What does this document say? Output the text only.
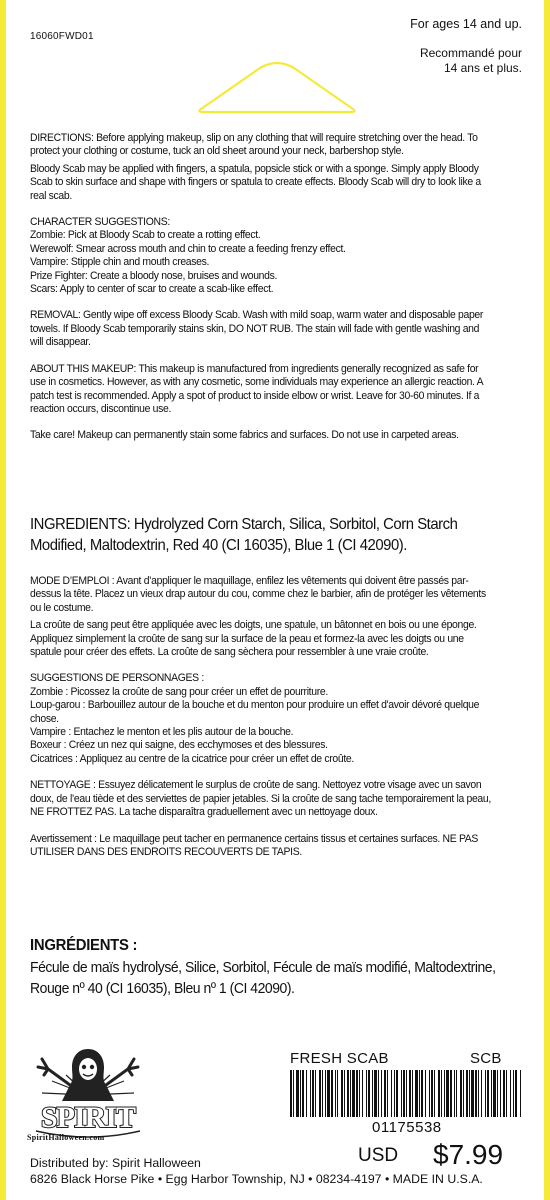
16060FWD01
For ages 14 and up.
Recommandé pour
14 ans et plus.

DIRECTIONS: Before applying makeup, slip on any clothing that will require stretching over the head. To protect your clothing or costume, tuck an old sheet around your neck, barbershop style.

Bloody Scab may be applied with fingers, a spatula, popsicle stick or with a sponge. Simply apply Bloody Scab to skin surface and shape with fingers or spatula to create effects. Bloody Scab will dry to look like a real scab.

CHARACTER SUGGESTIONS:

Zombie: Pick at Bloody Scab to create a rotting effect.

Werewolf: Smear across mouth and chin to create a feeding frenzy effect.

Vampire: Stipple chin and mouth creases.

Prize Fighter: Create a bloody nose, bruises and wounds.

Scars: Apply to center of scar to create a scab-like effect.

REMOVAL: Gently wipe off excess Bloody Scab. Wash with mild soap, warm water and disposable paper towels. If Bloody Scab temporarily stains skin, DO NOT RUB. The stain will fade with gentle washing and will disappear.

ABOUT THIS MAKEUP: This makeup is manufactured from ingredients generally recognized as safe for use in cosmetics. However, as with any cosmetic, some individuals may experience an allergic reaction. A patch test is recommended. Apply a spot of product to inside elbow or wrist. Leave for 30-60 minutes. If a reaction occurs, discontinue use.

Take care! Makeup can permanently stain some fabrics and surfaces. Do not use in carpeted areas.

INGREDIENTS: Hydrolyzed Corn Starch, Silica, Sorbitol, Corn Starch Modified, Maltodextrin, Red 40 (CI 16035), Blue 1 (CI 42090).

MODE D’EMPLOI : Avant d’appliquer le maquillage, enfilez les vêtements qui doivent être passés par-dessus la tête. Placez un vieux drap autour du cou, comme chez le barbier, afin de protéger les vêtements ou le costume.

La croûte de sang peut être appliquée avec les doigts, une spatule, un bâtonnet en bois ou une éponge. Appliquez simplement la croûte de sang sur la surface de la peau et formez-la avec les doigts ou une spatule pour créer des effets. La croûte de sang sèchera pour ressembler à une vraie croûte.

SUGGESTIONS DE PERSONNAGES :

Zombie : Picossez la croûte de sang pour créer un effet de pourriture.

Loup-garou : Barbouillez autour de la bouche et du menton pour produire un effet d'avoir dévoré quelque chose.

Vampire : Entachez le menton et les plis autour de la bouche.

Boxeur : Créez un nez qui saigne, des ecchymoses et des blessures.

Cicatrices : Appliquez au centre de la cicatrice pour créer un effet de croûte.

NETTOYAGE : Essuyez délicatement le surplus de croûte de sang. Nettoyez votre visage avec un savon doux, de l’eau tiède et des serviettes de papier jetables. Si la croûte de sang tache temporairement la peau, NE FROTTEZ PAS. La tache disparaîtra graduellement avec un nettoyage doux.

Avertissement : Le maquillage peut tacher en permanence certains tissus et certaines surfaces. NE PAS UTILISER DANS DES ENDROITS RECOUVERTS DE TAPIS.

INGRÉDIENTS :
Fécule de maïs hydrolysé, Silice, Sorbitol, Fécule de maïs modifié, Maltodextrine, Rouge nº 40 (CI 16035), Bleu nº 1 (CI 42090).
SPIRIT
SpiritHalloween.com
FRESH SCAB	SCB
01175538
USD $7.99
Distributed by: Spirit Halloween
6826 Black Horse Pike • Egg Harbor Township, NJ • 08234-4197 • MADE IN U.S.A.
